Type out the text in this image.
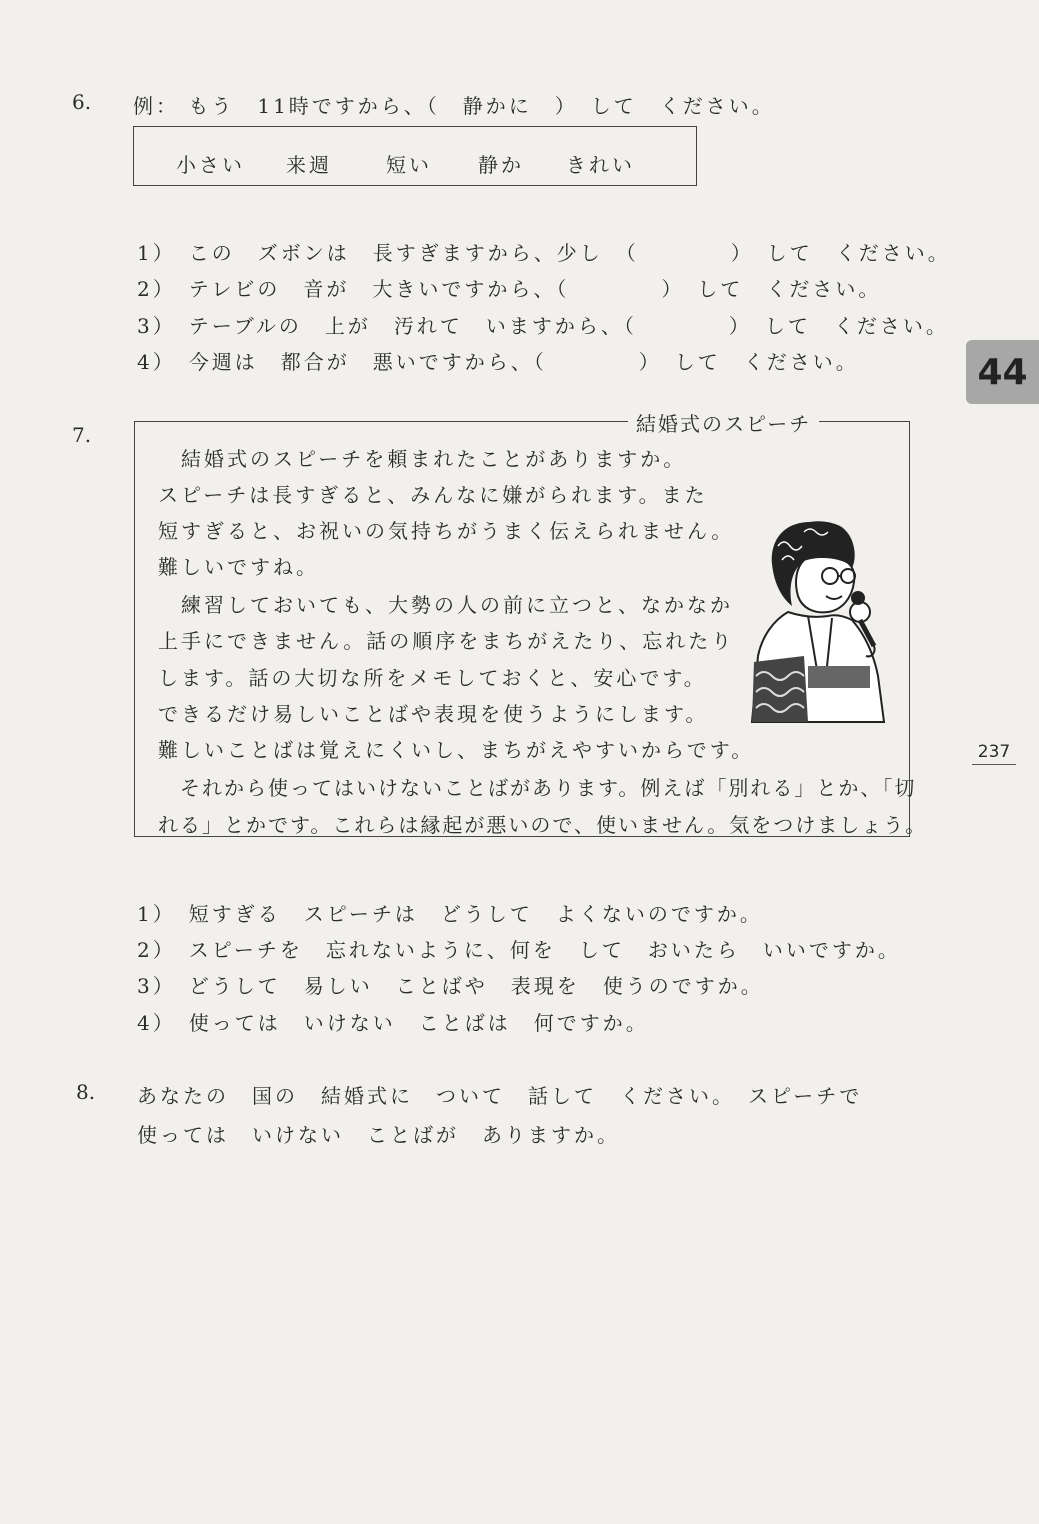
6. 例： もう　11時ですから、（　静かに　）　して　ください。
小さい 来週	短い 静か きれい
1）　この　ズボンは　長すぎますから、少し　（　　　　）　して　ください。
2）　テレビの　音が　大きいですから、（　　　　）　して　ください。
3）　テーブルの　上が　汚れて　いますから、（　　　　）　して　ください。
4）　今週は　都合が　悪いですから、（　　　　）　して　ください。
7.	結婚式のスピーチ
　結婚式のスピーチを頼まれたことがありますか。
スピーチは長すぎると、みんなに嫌がられます。また
短すぎると、お祝いの気持ちがうまく伝えられません。
難しいですね。
　練習しておいても、大勢の人の前に立つと、なかなか
上手にできません。話の順序をまちがえたり、忘れたり
します。話の大切な所をメモしておくと、安心です。
できるだけ易しいことばや表現を使うようにします。
難しいことばは覚えにくいし、まちがえやすいからです。
　それから使ってはいけないことばがあります。例えば「別れる」とか、「切
れる」とかです。これらは縁起が悪いので、使いません。気をつけましょう。
1）　短すぎる　スピーチは　どうして　よくないのですか。
2）　スピーチを　忘れないように、何を　して　おいたら　いいですか。
3）　どうして　易しい　ことばや　表現を　使うのですか。
4）　使っては　いけない　ことばは　何ですか。
8. あなたの　国の　結婚式に　ついて　話して　ください。　スピーチで
使っては　いけない　ことばが　ありますか。
44
237
